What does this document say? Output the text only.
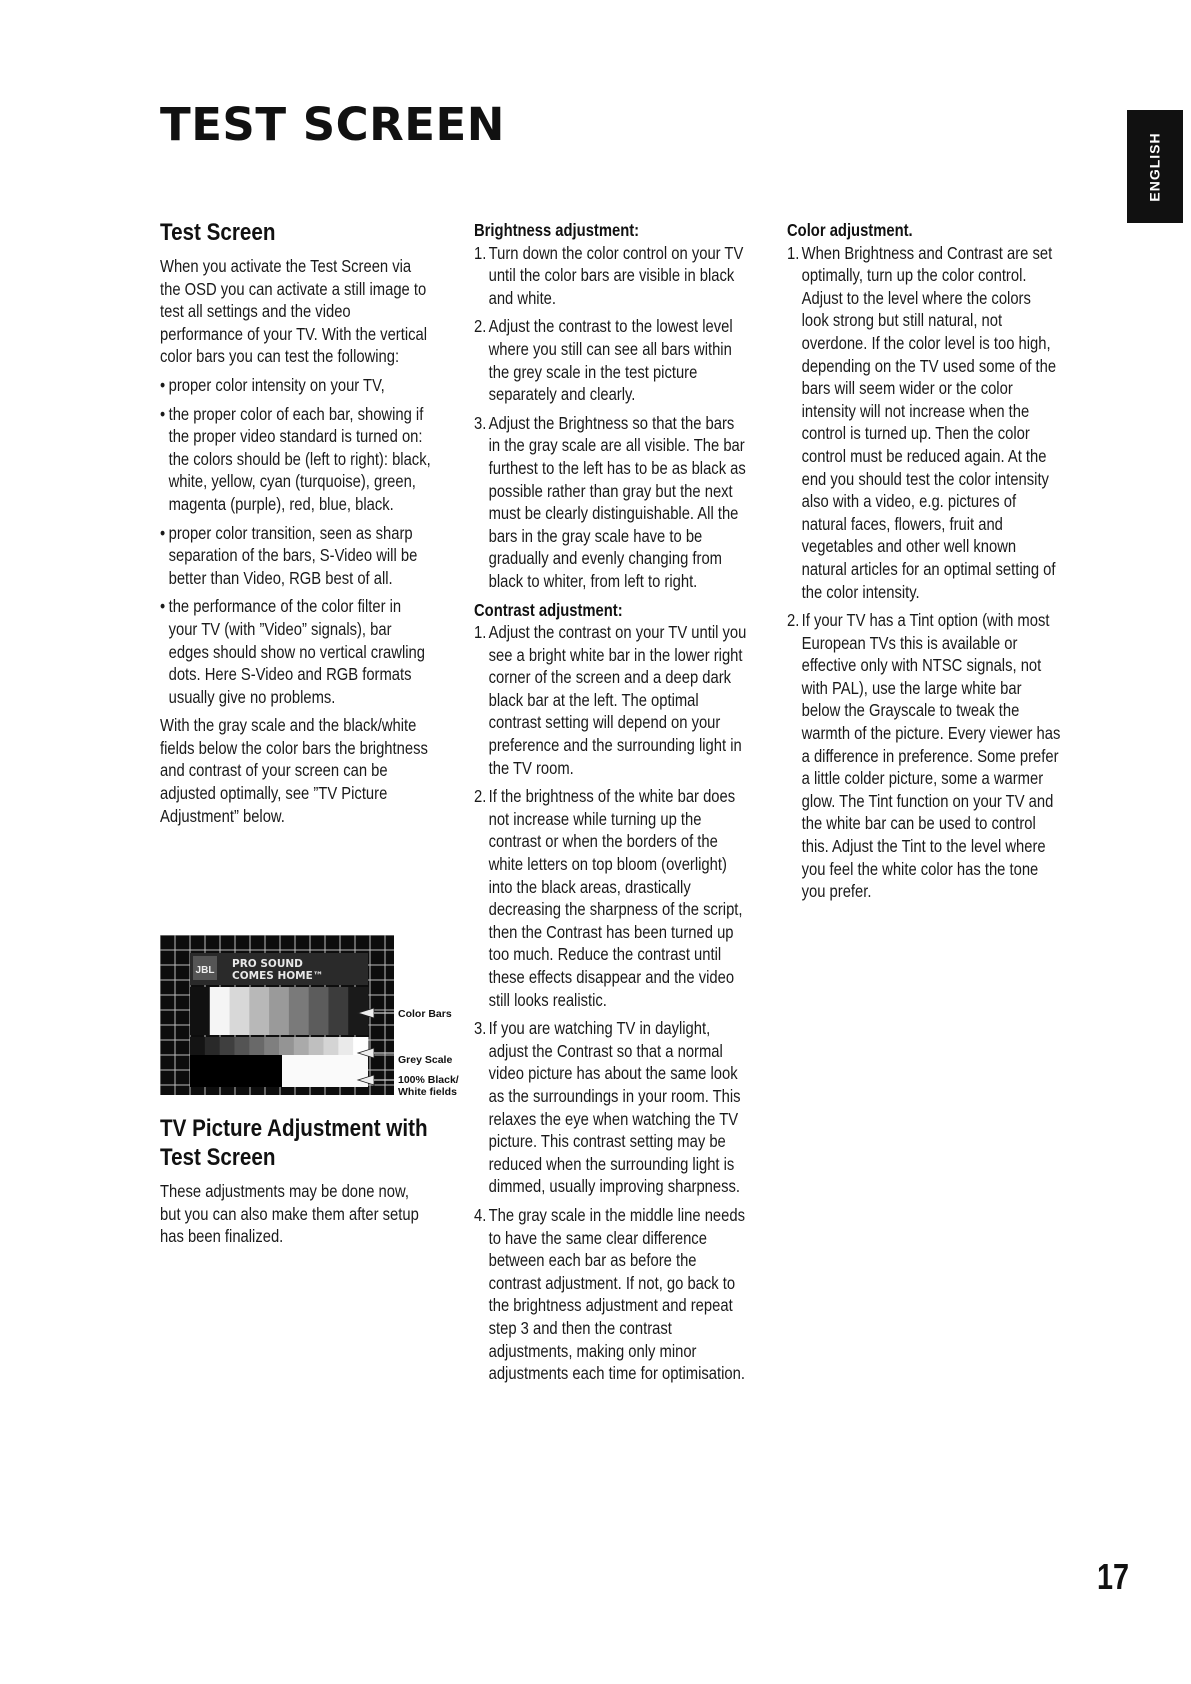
TEST SCREEN
ENGLISH
Test Screen

When you activate the Test Screen via the OSD you can activate a still image to test all settings and the video performance of your TV. With the vertical color bars you can test the following:

• proper color intensity on your TV,
• the proper color of each bar, showing if the proper video standard is turned on: the colors should be (left to right): black, white, yellow, cyan (turquoise), green, magenta (purple), red, blue, black.
• proper color transition, seen as sharp separation of the bars, S-Video will be better than Video, RGB best of all.
• the performance of the color filter in your TV (with ”Video” signals), bar edges should show no vertical crawling dots. Here S-Video and RGB formats usually give no problems.

With the gray scale and the black/white fields below the color bars the brightness and contrast of your screen can be adjusted optimally, see ”TV Picture Adjustment” below.

JBL
PRO SOUND
COMES HOME™
Color Bars
Grey Scale
100% Black/
White fields
TV Picture Adjustment with Test Screen

These adjustments may be done now, but you can also make them after setup has been finalized.

Brightness adjustment:
1. Turn down the color control on your TV until the color bars are visible in black and white.
2. Adjust the contrast to the lowest level where you still can see all bars within the grey scale in the test picture separately and clearly.
3. Adjust the Brightness so that the bars in the gray scale are all visible. The bar furthest to the left has to be as black as possible rather than gray but the next must be clearly distinguishable. All the bars in the gray scale have to be gradually and evenly changing from black to whiter, from left to right.
Contrast adjustment:
1. Adjust the contrast on your TV until you see a bright white bar in the lower right corner of the screen and a deep dark black bar at the left. The optimal contrast setting will depend on your preference and the surrounding light in the TV room.
2. If the brightness of the white bar does not increase while turning up the contrast or when the borders of the white letters on top bloom (overlight) into the black areas, drastically decreasing the sharpness of the script, then the Contrast has been turned up too much. Reduce the contrast until these effects disappear and the video still looks realistic.
3. If you are watching TV in daylight, adjust the Contrast so that a normal video picture has about the same look as the surroundings in your room. This relaxes the eye when watching the TV picture. This contrast setting may be reduced when the surrounding light is dimmed, usually improving sharpness.
4. The gray scale in the middle line needs to have the same clear difference between each bar as before the contrast adjustment. If not, go back to the brightness adjustment and repeat step 3 and then the contrast adjustments, making only minor adjustments each time for optimisation.
Color adjustment.
1. When Brightness and Contrast are set optimally, turn up the color control. Adjust to the level where the colors look strong but still natural, not overdone. If the color level is too high, depending on the TV used some of the bars will seem wider or the color intensity will not increase when the control is turned up. Then the color control must be reduced again. At the end you should test the color intensity also with a video, e.g. pictures of natural faces, flowers, fruit and vegetables and other well known natural articles for an optimal setting of the color intensity.
2. If your TV has a Tint option (with most European TVs this is available or effective only with NTSC signals, not with PAL), use the large white bar below the Grayscale to tweak the warmth of the picture. Every viewer has a difference in preference. Some prefer a little colder picture, some a warmer glow. The Tint function on your TV and the white bar can be used to control this. Adjust the Tint to the level where you feel the white color has the tone you prefer.
17
